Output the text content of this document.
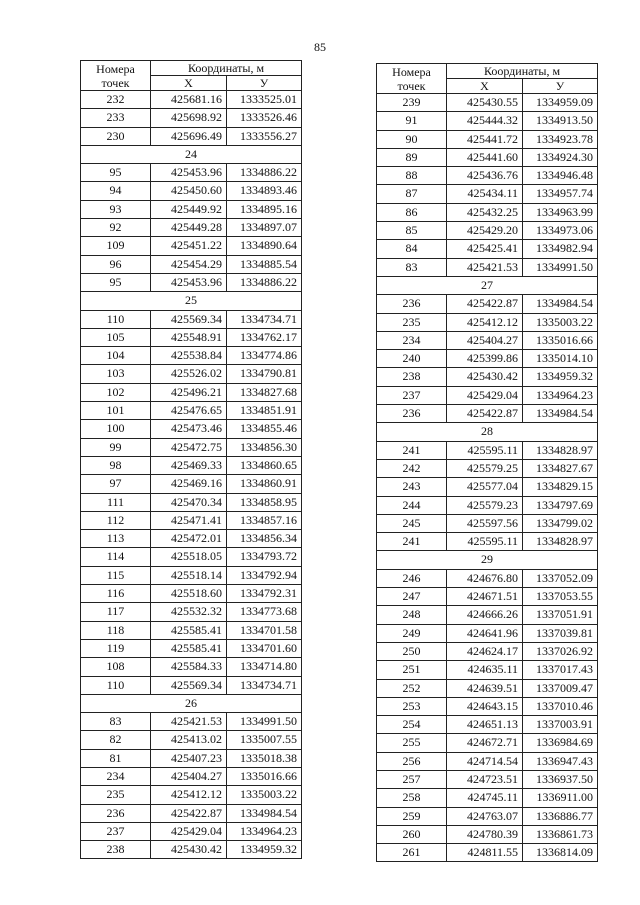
85
Номера
точек	Координаты, м	
	X	У
232	425681.16	1333525.01
233	425698.92	1333526.46
230	425696.49	1333556.27
24		
95	425453.96	1334886.22
94	425450.60	1334893.46
93	425449.92	1334895.16
92	425449.28	1334897.07
109	425451.22	1334890.64
96	425454.29	1334885.54
95	425453.96	1334886.22
25		
110	425569.34	1334734.71
105	425548.91	1334762.17
104	425538.84	1334774.86
103	425526.02	1334790.81
102	425496.21	1334827.68
101	425476.65	1334851.91
100	425473.46	1334855.46
99	425472.75	1334856.30
98	425469.33	1334860.65
97	425469.16	1334860.91
111	425470.34	1334858.95
112	425471.41	1334857.16
113	425472.01	1334856.34
114	425518.05	1334793.72
115	425518.14	1334792.94
116	425518.60	1334792.31
117	425532.32	1334773.68
118	425585.41	1334701.58
119	425585.41	1334701.60
108	425584.33	1334714.80
110	425569.34	1334734.71
26		
83	425421.53	1334991.50
82	425413.02	1335007.55
81	425407.23	1335018.38
234	425404.27	1335016.66
235	425412.12	1335003.22
236	425422.87	1334984.54
237	425429.04	1334964.23
238	425430.42	1334959.32
Номера
точек	Координаты, м	
	X	У
239	425430.55	1334959.09
91	425444.32	1334913.50
90	425441.72	1334923.78
89	425441.60	1334924.30
88	425436.76	1334946.48
87	425434.11	1334957.74
86	425432.25	1334963.99
85	425429.20	1334973.06
84	425425.41	1334982.94
83	425421.53	1334991.50
27		
236	425422.87	1334984.54
235	425412.12	1335003.22
234	425404.27	1335016.66
240	425399.86	1335014.10
238	425430.42	1334959.32
237	425429.04	1334964.23
236	425422.87	1334984.54
28		
241	425595.11	1334828.97
242	425579.25	1334827.67
243	425577.04	1334829.15
244	425579.23	1334797.69
245	425597.56	1334799.02
241	425595.11	1334828.97
29		
246	424676.80	1337052.09
247	424671.51	1337053.55
248	424666.26	1337051.91
249	424641.96	1337039.81
250	424624.17	1337026.92
251	424635.11	1337017.43
252	424639.51	1337009.47
253	424643.15	1337010.46
254	424651.13	1337003.91
255	424672.71	1336984.69
256	424714.54	1336947.43
257	424723.51	1336937.50
258	424745.11	1336911.00
259	424763.07	1336886.77
260	424780.39	1336861.73
261	424811.55	1336814.09
